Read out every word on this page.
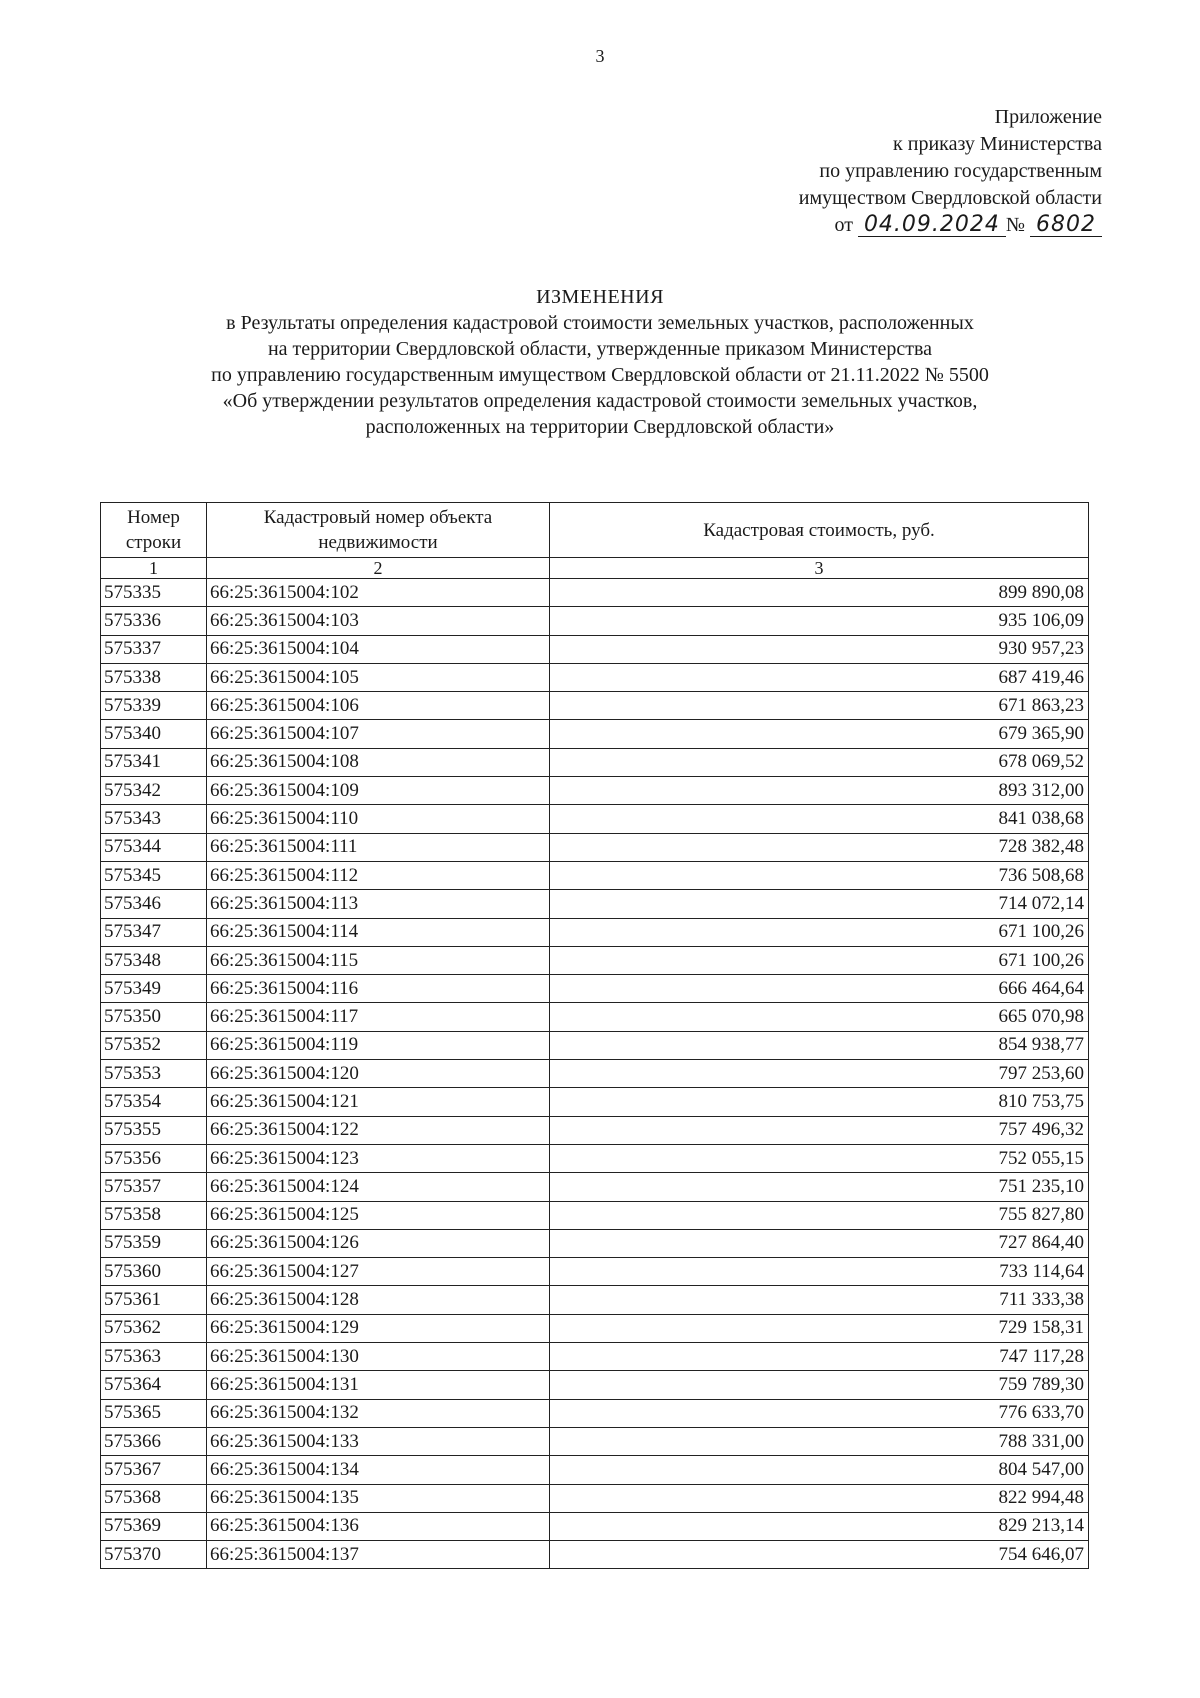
3
Приложение
к приказу Министерства
по управлению государственным
имуществом Свердловской области
от 04.09.2024 № 6802
ИЗМЕНЕНИЯ
в Результаты определения кадастровой стоимости земельных участков, расположенных
на территории Свердловской области, утвержденные приказом Министерства
по управлению государственным имуществом Свердловской области от 21.11.2022 № 5500
«Об утверждении результатов определения кадастровой стоимости земельных участков,
расположенных на территории Свердловской области»
Номер строки	Кадастровый номер объекта недвижимости	Кадастровая стоимость, руб.
1	2	3
575335	66:25:3615004:102	899 890,08
575336	66:25:3615004:103	935 106,09
575337	66:25:3615004:104	930 957,23
575338	66:25:3615004:105	687 419,46
575339	66:25:3615004:106	671 863,23
575340	66:25:3615004:107	679 365,90
575341	66:25:3615004:108	678 069,52
575342	66:25:3615004:109	893 312,00
575343	66:25:3615004:110	841 038,68
575344	66:25:3615004:111	728 382,48
575345	66:25:3615004:112	736 508,68
575346	66:25:3615004:113	714 072,14
575347	66:25:3615004:114	671 100,26
575348	66:25:3615004:115	671 100,26
575349	66:25:3615004:116	666 464,64
575350	66:25:3615004:117	665 070,98
575352	66:25:3615004:119	854 938,77
575353	66:25:3615004:120	797 253,60
575354	66:25:3615004:121	810 753,75
575355	66:25:3615004:122	757 496,32
575356	66:25:3615004:123	752 055,15
575357	66:25:3615004:124	751 235,10
575358	66:25:3615004:125	755 827,80
575359	66:25:3615004:126	727 864,40
575360	66:25:3615004:127	733 114,64
575361	66:25:3615004:128	711 333,38
575362	66:25:3615004:129	729 158,31
575363	66:25:3615004:130	747 117,28
575364	66:25:3615004:131	759 789,30
575365	66:25:3615004:132	776 633,70
575366	66:25:3615004:133	788 331,00
575367	66:25:3615004:134	804 547,00
575368	66:25:3615004:135	822 994,48
575369	66:25:3615004:136	829 213,14
575370	66:25:3615004:137	754 646,07
